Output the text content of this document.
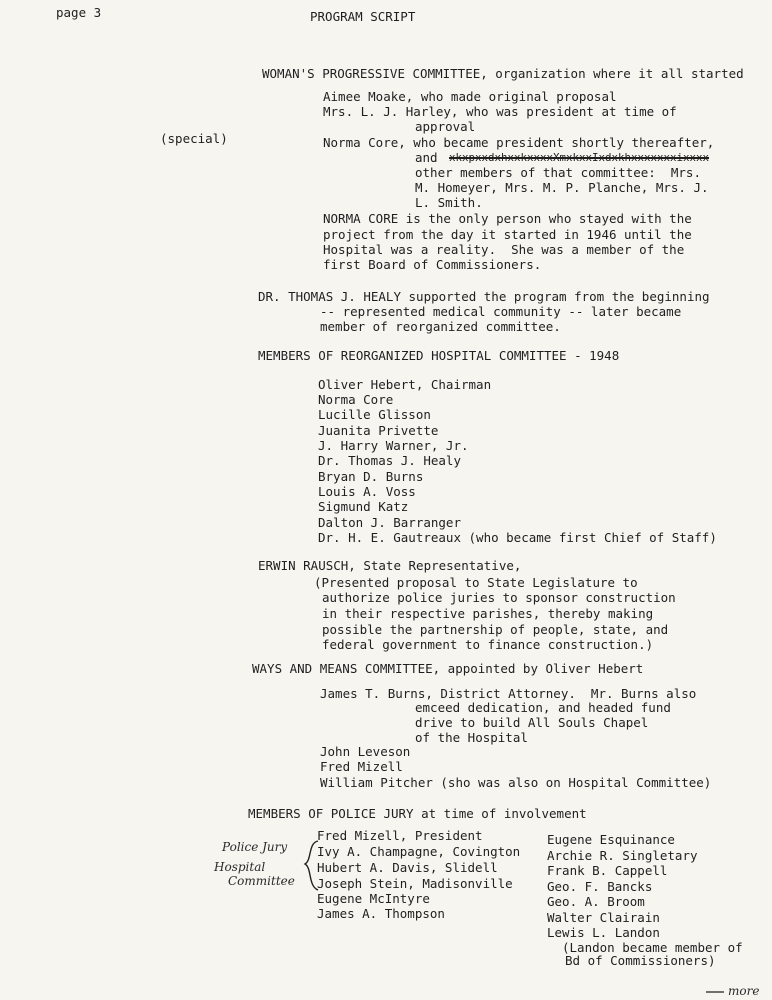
page 3	PROGRAM SCRIPT
WOMAN'S PROGRESSIVE COMMITTEE, organization where it all started
Aimee Moake, who made original proposal
Mrs. L. J. Harley, who was president at time of
approval
(special)	Norma Core, who became president shortly thereafter,
and xkxpxxdxhxxkxxxxXmxkxxIxdxkhxxxxxxxixxxx
other members of that committee:  Mrs.
M. Homeyer, Mrs. M. P. Planche, Mrs. J.
L. Smith.
NORMA CORE is the only person who stayed with the
project from the day it started in 1946 until the
Hospital was a reality.  She was a member of the
first Board of Commissioners.
DR. THOMAS J. HEALY supported the program from the beginning
-- represented medical community -- later became
member of reorganized committee.
MEMBERS OF REORGANIZED HOSPITAL COMMITTEE - 1948
Oliver Hebert, Chairman
Norma Core
Lucille Glisson
Juanita Privette
J. Harry Warner, Jr.
Dr. Thomas J. Healy
Bryan D. Burns
Louis A. Voss
Sigmund Katz
Dalton J. Barranger
Dr. H. E. Gautreaux (who became first Chief of Staff)
ERWIN RAUSCH, State Representative,
(Presented proposal to State Legislature to
authorize police juries to sponsor construction
in their respective parishes, thereby making
possible the partnership of people, state, and
federal government to finance construction.)
WAYS AND MEANS COMMITTEE, appointed by Oliver Hebert
James T. Burns, District Attorney.  Mr. Burns also
emceed dedication, and headed fund
drive to build All Souls Chapel
of the Hospital
John Leveson
Fred Mizell
William Pitcher (sho was also on Hospital Committee)
MEMBERS OF POLICE JURY at time of involvement
Fred Mizell, President
Ivy A. Champagne, Covington
Hubert A. Davis, Slidell
Joseph Stein, Madisonville
Eugene McIntyre
James A. Thompson
Eugene Esquinance
Archie R. Singletary
Frank B. Cappell
Geo. F. Bancks
Geo. A. Broom
Walter Clairain
Lewis L. Landon
(Landon became member of
Bd of Commissioners)
Police Jury
Hospital
Committee
more
